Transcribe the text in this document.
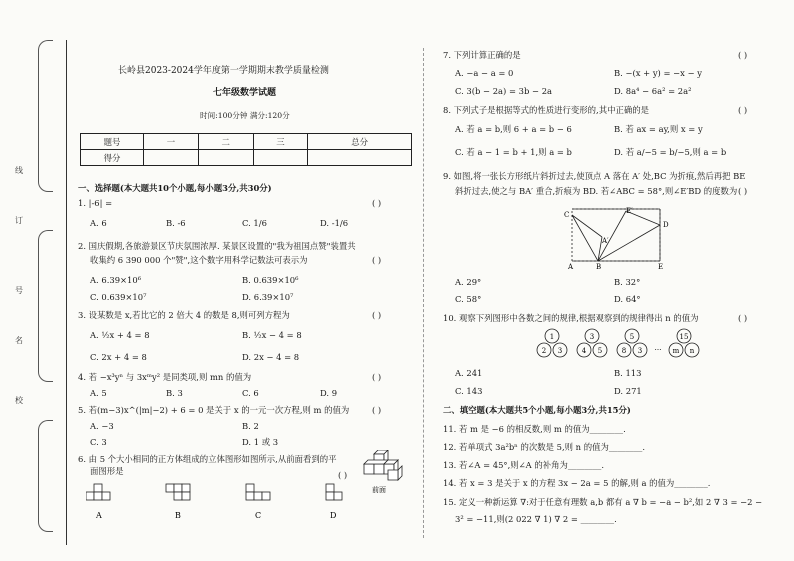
线
订
号
名
校
长岭县2023-2024学年度第一学期期末教学质量检测
七年级数学试题
时间:100分钟 满分:120分
题号	一	二	三	总分
得分				
一、选择题(本大题共10个小题,每小题3分,共30分)
1. |-6| =	( )
A. 6	B. -6	C. 1/6	D. -1/6
2. 国庆假期,各旅游景区节庆氛围浓厚. 某景区设置的"我为祖国点赞"装置共
收集约 6 390 000 个"赞",这个数字用科学记数法可表示为	( )
A. 6.39×10⁶	B. 0.639×10⁶
C. 0.639×10⁷	D. 6.39×10⁷
3. 设某数是 x,若比它的 2 倍大 4 的数是 8,则可列方程为	( )
A. ½x + 4 = 8	B. ½x − 4 = 8
C. 2x + 4 = 8	D. 2x − 4 = 8
4. 若 −x³yⁿ 与 3xᵐy² 是同类项,则 mn 的值为	( )
A. 5	B. 3	C. 6	D. 9
5. 若(m−3)x^(|m|−2) + 6 = 0 是关于 x 的一元一次方程,则 m 的值为	( )
A. −3	B. 2
C. 3	D. 1 或 3
6. 由 5 个大小相同的正方体组成的立体图形如图所示,从前面看到的平
面图形是	( )
前面
A	B	C	D
7. 下列计算正确的是	( )
A. −a − a = 0	B. −(x + y) = −x − y
C. 3(b − 2a) = 3b − 2a	D. 8a⁴ − 6a² = 2a²
8. 下列式子是根据等式的性质进行变形的,其中正确的是	( )
A. 若 a = b,则 6 + a = b − 6	B. 若 ax = ay,则 x = y
C. 若 a − 1 = b + 1,则 a = b	D. 若 a/−5 = b/−5,则 a = b
9. 如图,将一张长方形纸片斜折过去,使顶点 A 落在 A′ 处,BC 为折痕,然后再把 BE
斜折过去,使之与 BA′ 重合,折痕为 BD. 若∠ABC = 58°,则∠E′BD 的度数为 ( )
C	E′
A′
D
A	B	E
A. 29°	B. 32°
C. 58°	D. 64°
10. 观察下列图形中各数之间的规律,根据观察到的规律得出 n 的值为	( )
1
2 3
3
4 5
5
8 3 …
15
m n
A. 241	B. 113
C. 143	D. 271
二、填空题(本大题共5个小题,每小题3分,共15分)
11. 若 m 是 −6 的相反数,则 m 的值为________.
12. 若单项式 3a²bⁿ 的次数是 5,则 n 的值为________.
13. 若∠A = 45°,则∠A 的补角为________.
14. 若 x = 3 是关于 x 的方程 3x − 2a = 5 的解,则 a 的值为________.
15. 定义一种新运算 ∇:对于任意有理数 a,b 都有 a ∇ b = −a − b²,如 2 ∇ 3 = −2 −
3² = −11,则(2 022 ∇ 1) ∇ 2 = ________.
